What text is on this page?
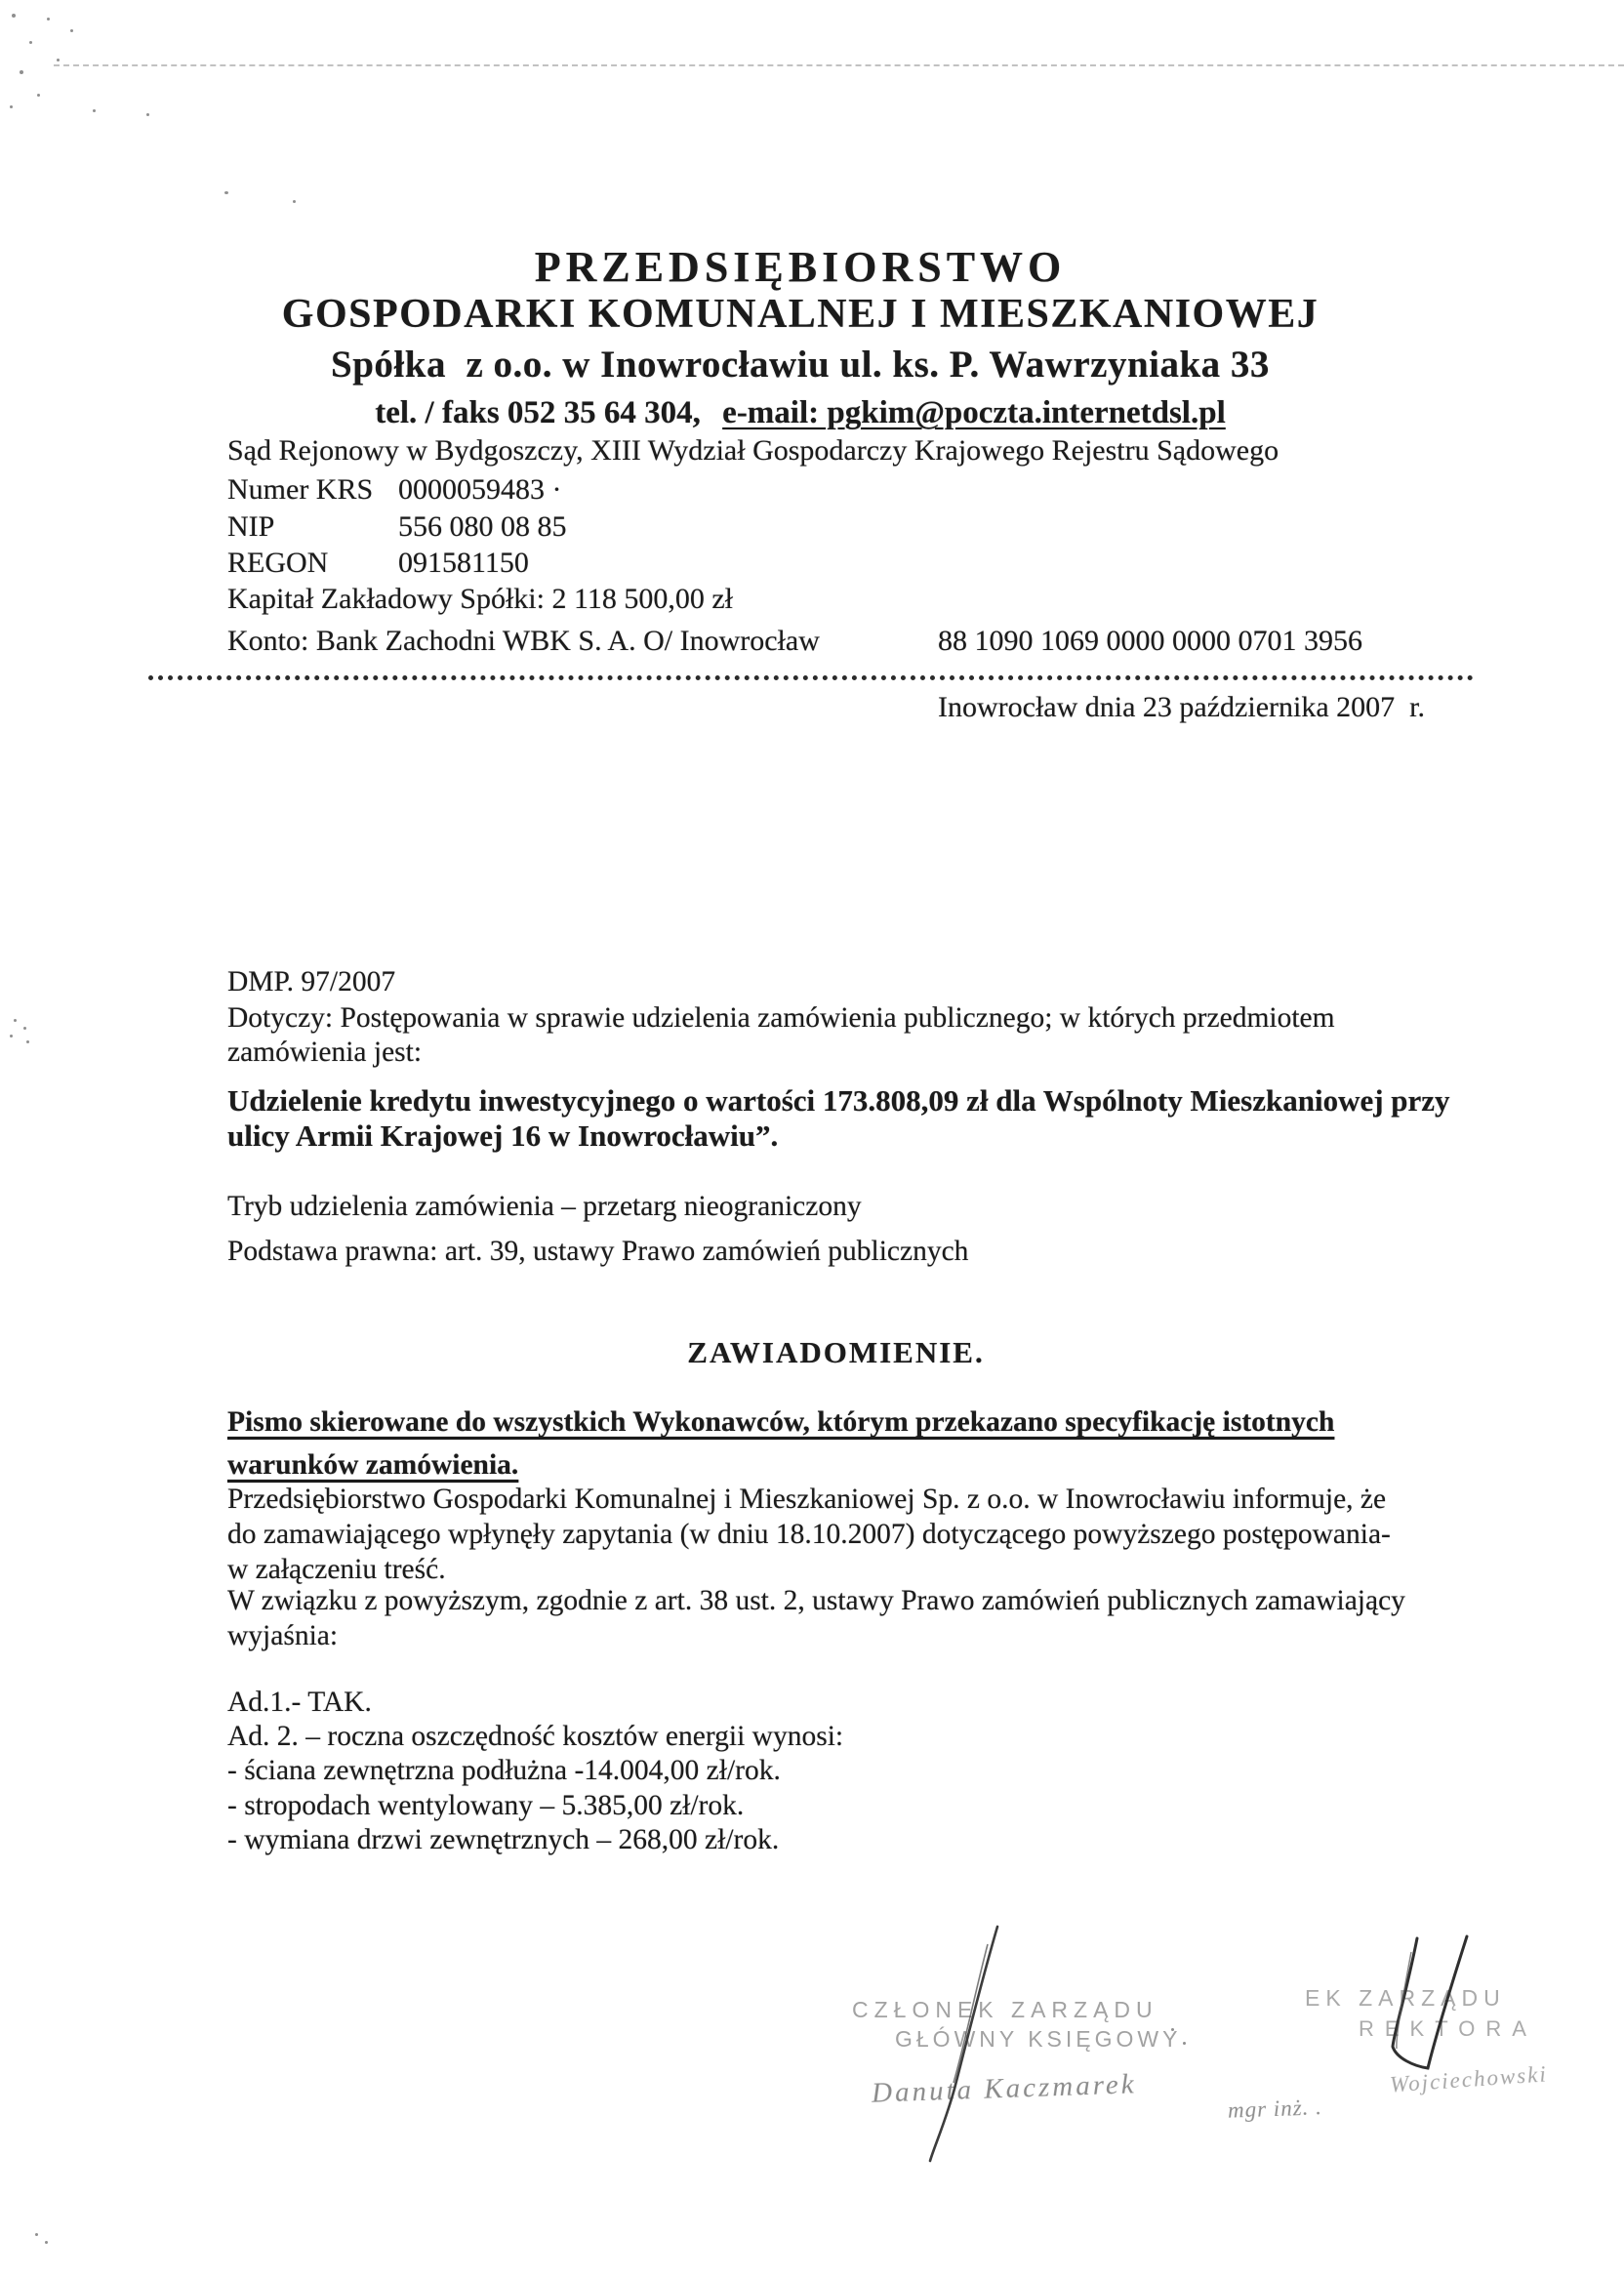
PRZEDSIĘBIORSTWO
GOSPODARKI KOMUNALNEJ I MIESZKANIOWEJ
Spółka  z o.o. w Inowrocławiu ul. ks. P. Wawrzyniaka 33
tel. / faks 052 35 64 304, e-mail: pgkim@poczta.internetdsl.pl
Sąd Rejonowy w Bydgoszczy, XIII Wydział Gospodarczy Krajowego Rejestru Sądowego
Numer KRS 0000059483 ·
NIP	556 080 08 85
REGON 091581150
Kapitał Zakładowy Spółki: 2 118 500,00 zł
Konto: Bank Zachodni WBK S. A. O/ Inowrocław	88 1090 1069 0000 0000 0701 3956
Inowrocław dnia 23 października 2007  r.
DMP. 97/2007
Dotyczy: Postępowania w sprawie udzielenia zamówienia publicznego; w których przedmiotem
zamówienia jest:
Udzielenie kredytu inwestycyjnego o wartości 173.808,09 zł dla Wspólnoty Mieszkaniowej przy
ulicy Armii Krajowej 16 w Inowrocławiu”.
Tryb udzielenia zamówienia – przetarg nieograniczony
Podstawa prawna: art. 39, ustawy Prawo zamówień publicznych
ZAWIADOMIENIE.
Pismo skierowane do wszystkich Wykonawców, którym przekazano specyfikację istotnych
warunków zamówienia.
Przedsiębiorstwo Gospodarki Komunalnej i Mieszkaniowej Sp. z o.o. w Inowrocławiu informuje, że
do zamawiającego wpłynęły zapytania (w dniu 18.10.2007) dotyczącego powyższego postępowania-
w załączeniu treść.
W związku z powyższym, zgodnie z art. 38 ust. 2, ustawy Prawo zamówień publicznych zamawiający
wyjaśnia:
Ad.1.- TAK.
Ad. 2. – roczna oszczędność kosztów energii wynosi:
- ściana zewnętrzna podłużna -14.004,00 zł/rok.
- stropodach wentylowany – 5.385,00 zł/rok.
- wymiana drzwi zewnętrznych – 268,00 zł/rok.
CZŁONEK ZARZĄDU
GŁÓWNY KSIĘGOWY
Danuta Kaczmarek
EK ZARZĄDU
REKTORA
Wojciechowski
mgr inż. .
